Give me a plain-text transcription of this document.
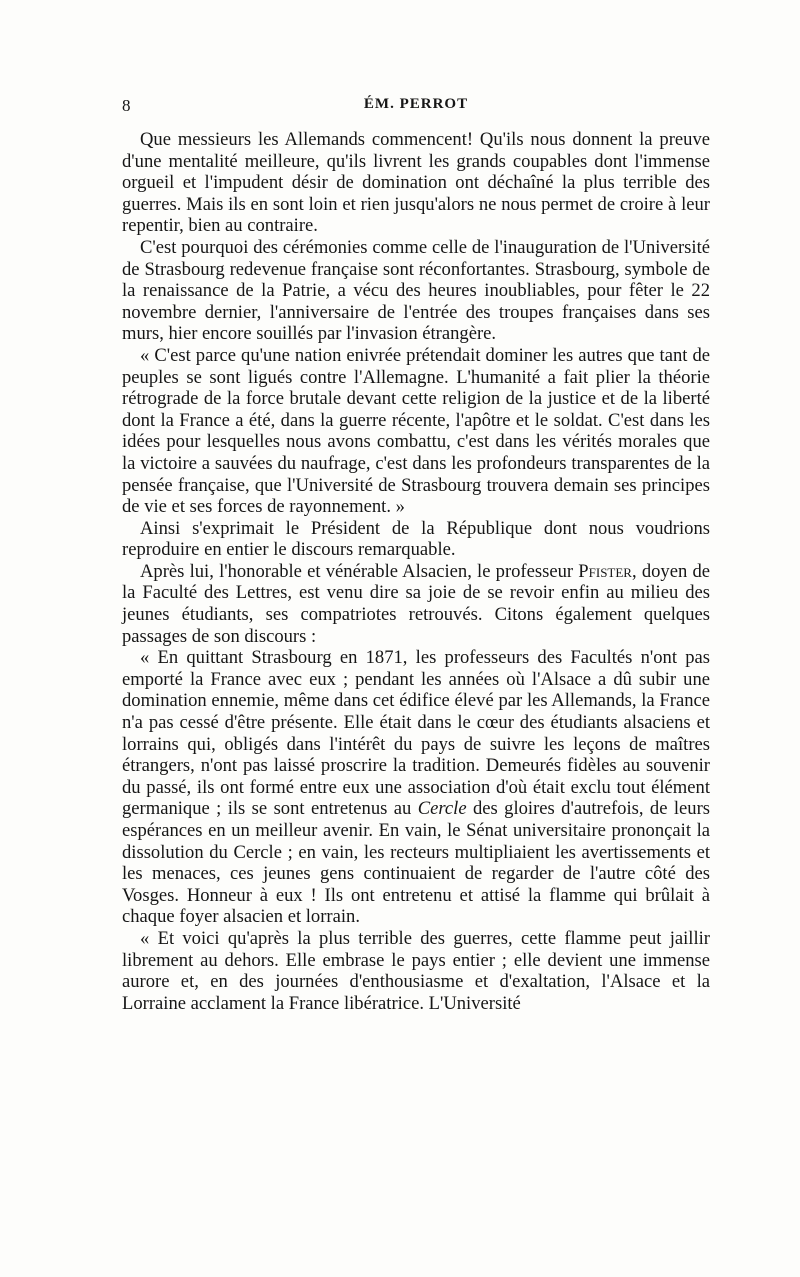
8	ÉM. PERROT

Que messieurs les Allemands commencent! Qu'ils nous donnent la preuve d'une mentalité meilleure, qu'ils livrent les grands coupables dont l'immense orgueil et l'impudent désir de domination ont déchaîné la plus terrible des guerres. Mais ils en sont loin et rien jusqu'alors ne nous permet de croire à leur repentir, bien au contraire.

C'est pourquoi des cérémonies comme celle de l'inauguration de l'Université de Strasbourg redevenue française sont réconfortantes. Strasbourg, symbole de la renaissance de la Patrie, a vécu des heures inoubliables, pour fêter le 22 novembre dernier, l'anniversaire de l'entrée des troupes françaises dans ses murs, hier encore souillés par l'invasion étrangère.

« C'est parce qu'une nation enivrée prétendait dominer les autres que tant de peuples se sont ligués contre l'Allemagne. L'humanité a fait plier la théorie rétrograde de la force brutale devant cette religion de la justice et de la liberté dont la France a été, dans la guerre récente, l'apôtre et le soldat. C'est dans les idées pour lesquelles nous avons combattu, c'est dans les vérités morales que la victoire a sauvées du naufrage, c'est dans les profondeurs transparentes de la pensée française, que l'Université de Strasbourg trouvera demain ses principes de vie et ses forces de rayonnement. »

Ainsi s'exprimait le Président de la République dont nous voudrions reproduire en entier le discours remarquable.

Après lui, l'honorable et vénérable Alsacien, le professeur Pfister, doyen de la Faculté des Lettres, est venu dire sa joie de se revoir enfin au milieu des jeunes étudiants, ses compatriotes retrouvés. Citons également quelques passages de son discours :

« En quittant Strasbourg en 1871, les professeurs des Facultés n'ont pas emporté la France avec eux ; pendant les années où l'Alsace a dû subir une domination ennemie, même dans cet édifice élevé par les Allemands, la France n'a pas cessé d'être présente. Elle était dans le cœur des étudiants alsaciens et lorrains qui, obligés dans l'intérêt du pays de suivre les leçons de maîtres étrangers, n'ont pas laissé proscrire la tradition. Demeurés fidèles au souvenir du passé, ils ont formé entre eux une association d'où était exclu tout élément germanique ; ils se sont entretenus au Cercle des gloires d'autrefois, de leurs espérances en un meilleur avenir. En vain, le Sénat universitaire prononçait la dissolution du Cercle ; en vain, les recteurs multipliaient les avertissements et les menaces, ces jeunes gens continuaient de regarder de l'autre côté des Vosges. Honneur à eux ! Ils ont entretenu et attisé la flamme qui brûlait à chaque foyer alsacien et lorrain.

« Et voici qu'après la plus terrible des guerres, cette flamme peut jaillir librement au dehors. Elle embrase le pays entier ; elle devient une immense aurore et, en des journées d'enthousiasme et d'exaltation, l'Alsace et la Lorraine acclament la France libératrice. L'Université
